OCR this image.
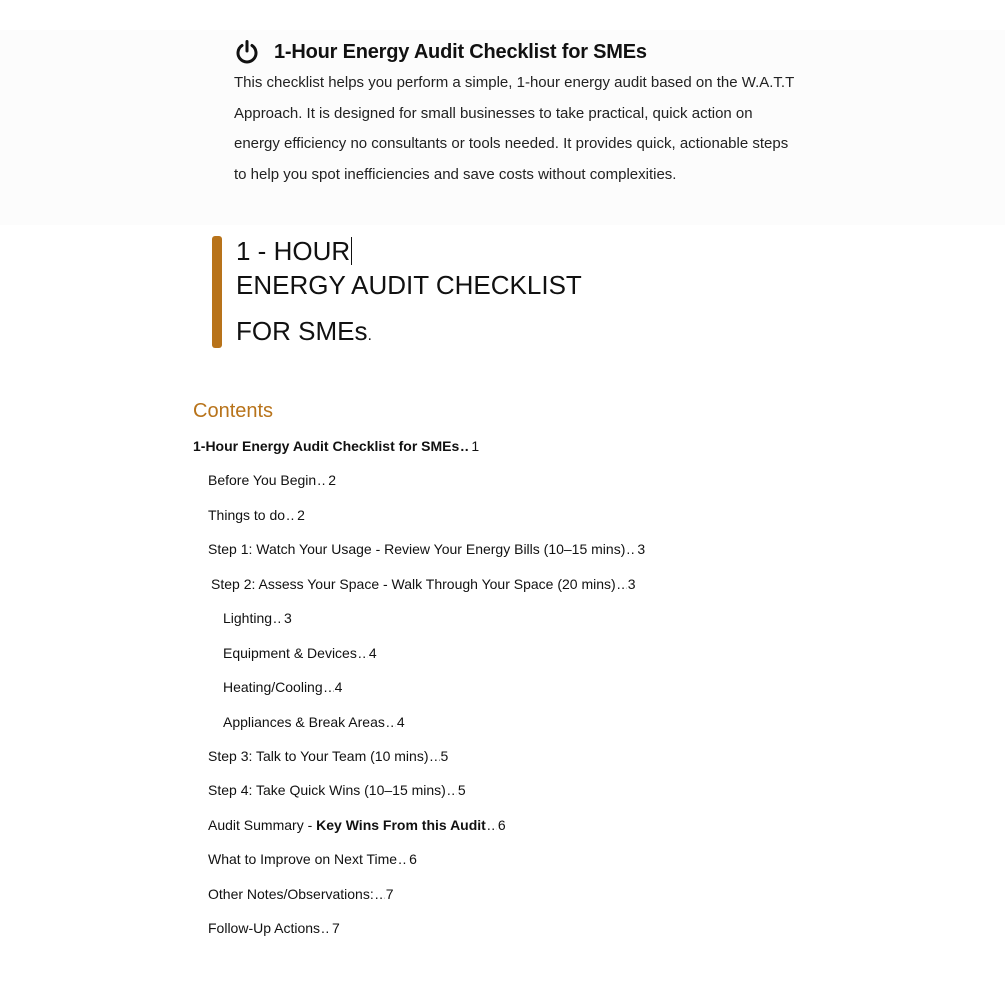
1-Hour Energy Audit Checklist for SMEs
This checklist helps you perform a simple, 1-hour energy audit based on the W.A.T.T Approach. It is designed for small businesses to take practical, quick action on energy efficiency no consultants or tools needed. It provides quick, actionable steps to help you spot inefficiencies and save costs without complexities.
1 - HOUR
ENERGY AUDIT CHECKLIST
FOR SMEs.
Contents
1-Hour Energy Audit Checklist for SMEs ..... 1
Before You Begin ..... 2
Things to do ..... 2
Step 1: Watch Your Usage - Review Your Energy Bills (10–15 mins) ..... 3
Step 2: Assess Your Space - Walk Through Your Space (20 mins) ..... 3
Lighting ..... 3
Equipment & Devices ..... 4
Heating/Cooling ..... 4
Appliances & Break Areas ..... 4
Step 3: Talk to Your Team (10 mins) ..... 5
Step 4: Take Quick Wins (10–15 mins) ..... 5
Audit Summary - Key Wins From this Audit ..... 6
What to Improve on Next Time ..... 6
Other Notes/Observations: ..... 7
Follow-Up Actions ..... 7
